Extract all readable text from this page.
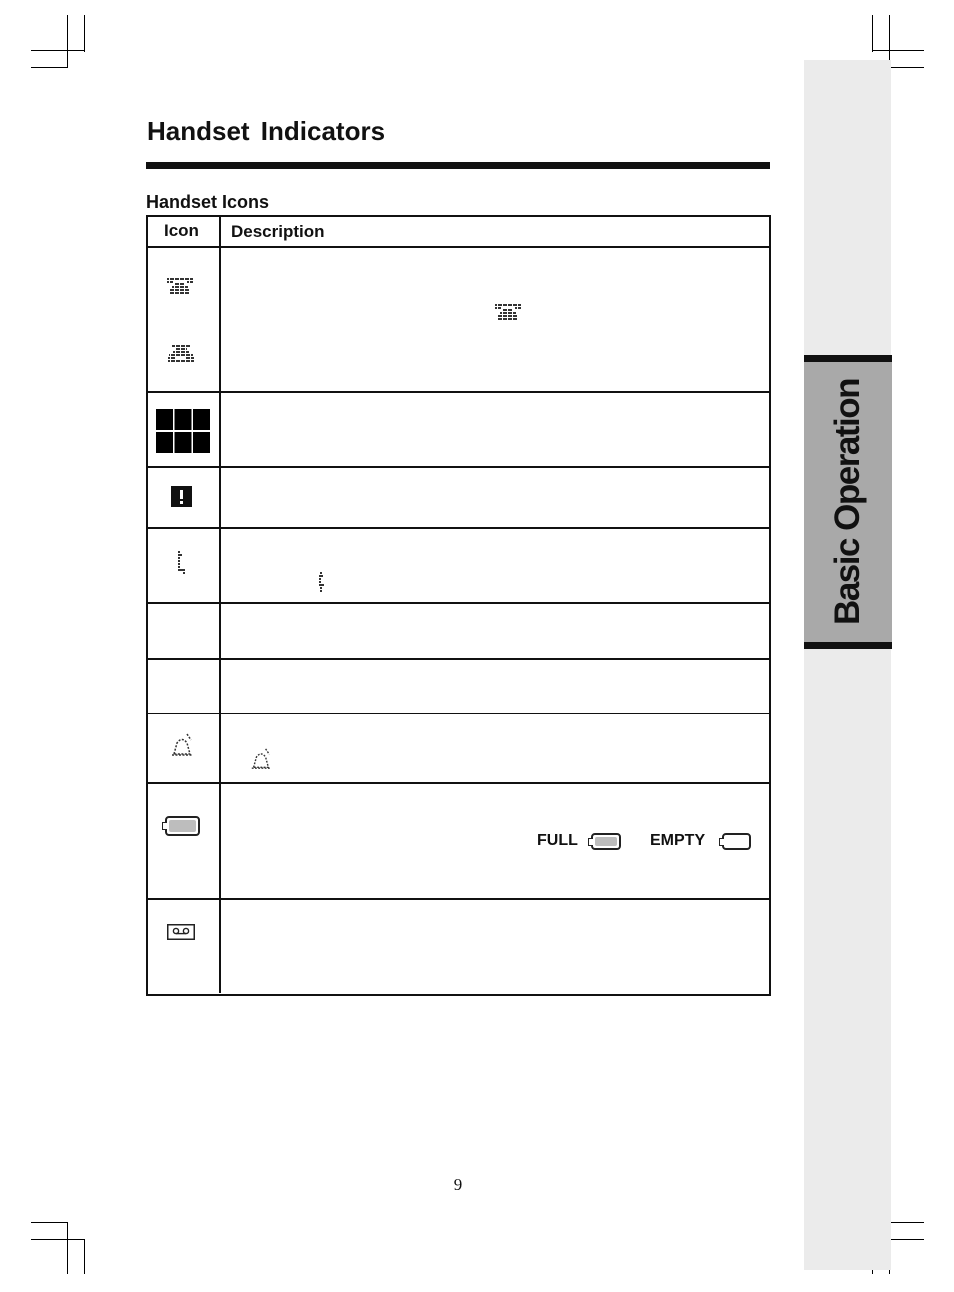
Basic Operation
Handset Indicators
Handset Icons
Icon Description
FULL	EMPTY
9
